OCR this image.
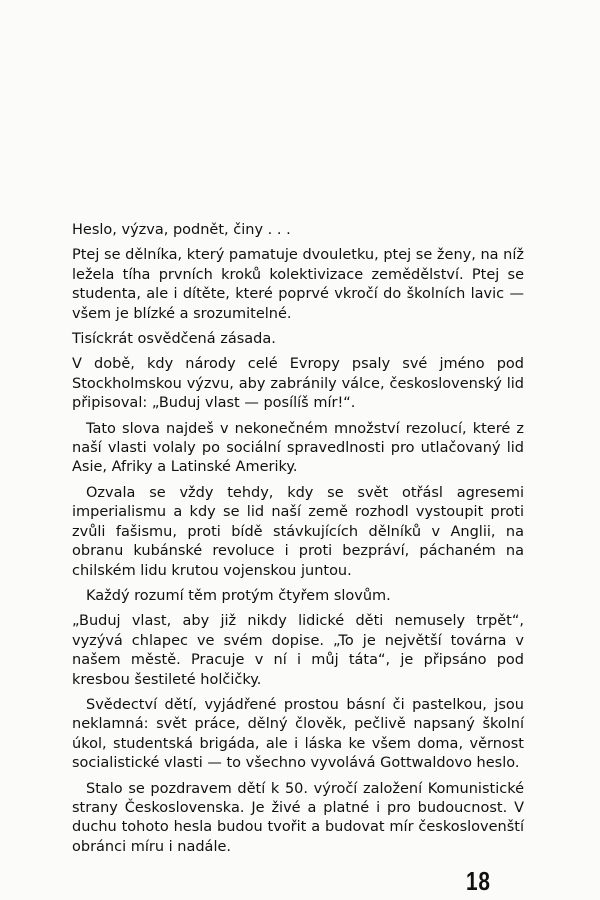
Heslo, výzva, podnět, činy . . .

Ptej se dělníka, který pamatuje dvouletku, ptej se ženy, na níž ležela tíha prvních kroků kolektivizace zemědělství. Ptej se studenta, ale i dítěte, které poprvé vkročí do školních lavic — všem je blízké a srozumitelné.

Tisíckrát osvědčená zásada.

V době, kdy národy celé Evropy psaly své jméno pod Stockholmskou výzvu, aby zabránily válce, československý lid připisoval: „Buduj vlast — posílíš mír!“.

Tato slova najdeš v nekonečném množství rezolucí, které z naší vlasti volaly po sociální spravedlnosti pro utlačovaný lid Asie, Afriky a Latinské Ameriky.

Ozvala se vždy tehdy, kdy se svět otřásl agresemi imperialismu a kdy se lid naší země rozhodl vystoupit proti zvůli fašismu, proti bídě stávkujících dělníků v Anglii, na obranu kubánské revoluce i proti bezpráví, páchaném na chilském lidu krutou vojenskou juntou.

Každý rozumí těm protým čtyřem slovům.

„Buduj vlast, aby již nikdy lidické děti nemusely trpět“, vyzývá chlapec ve svém dopise. „To je největší továrna v našem městě. Pracuje v ní i můj táta“, je připsáno pod kresbou šestileté holčičky.

Svědectví dětí, vyjádřené prostou básní či pastelkou, jsou neklamná: svět práce, dělný člověk, pečlivě napsaný školní úkol, studentská brigáda, ale i láska ke všem doma, věrnost socialistické vlasti — to všechno vyvolává Gottwaldovo heslo.

Stalo se pozdravem dětí k 50. výročí založení Komunistické strany Československa. Je živé a platné i pro budoucnost. V duchu tohoto hesla budou tvořit a budovat mír českoslovenští obránci míru i nadále.

18
